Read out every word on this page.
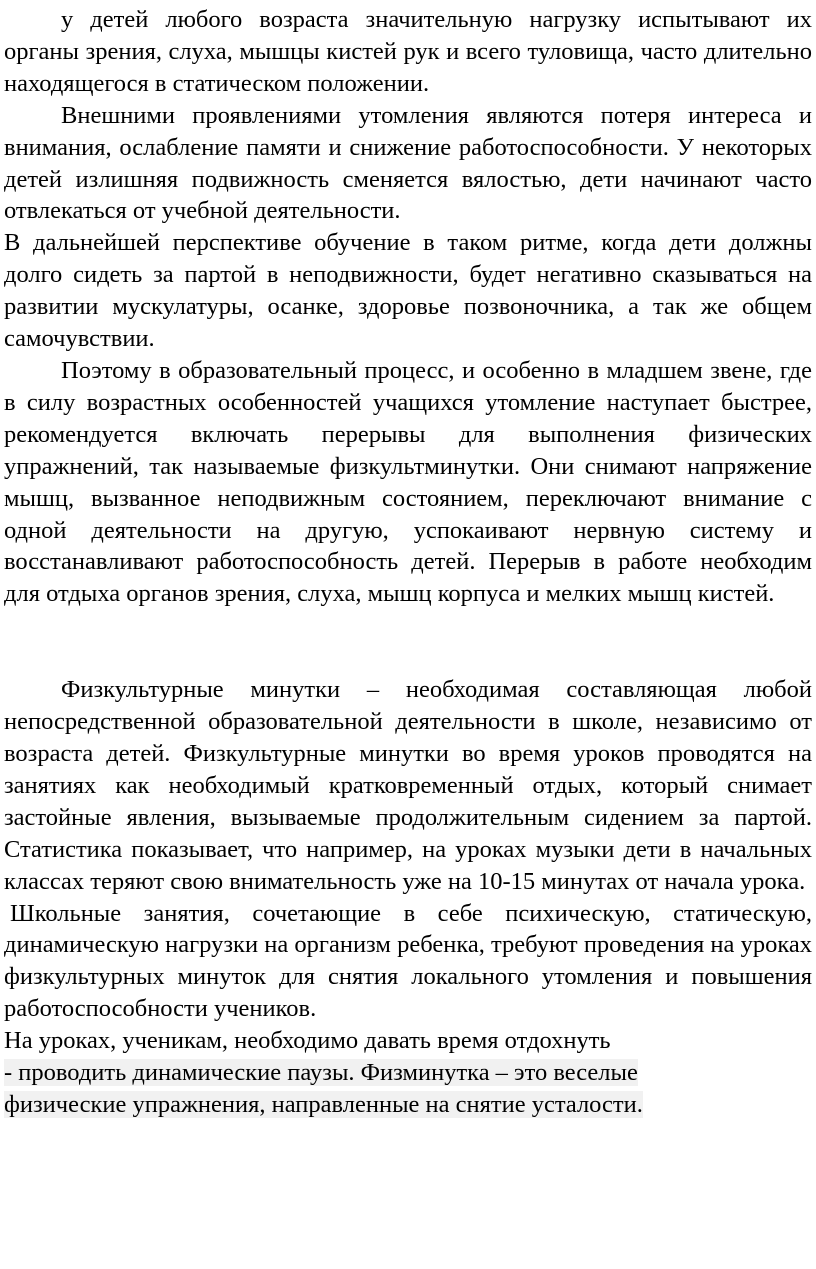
у детей любого возраста значительную нагрузку испытывают их органы зрения, слуха, мышцы кистей рук и всего туловища, часто длительно находящегося в статическом положении.

Внешними проявлениями утомления являются потеря интереса и внимания, ослабление памяти и снижение работоспособности. У некоторых детей излишняя подвижность сменяется вялостью, дети начинают часто отвлекаться от учебной деятельности.

В дальнейшей перспективе обучение в таком ритме, когда дети должны долго сидеть за партой в неподвижности, будет негативно сказываться на развитии мускулатуры, осанке, здоровье позвоночника, а так же общем самочувствии.

Поэтому в образовательный процесс, и особенно в младшем звене, где в силу возрастных особенностей учащихся утомление наступает быстрее, рекомендуется включать перерывы для выполнения физических упражнений, так называемые физкультминутки. Они снимают напряжение мышц, вызванное неподвижным состоянием, переключают внимание с одной деятельности на другую, успокаивают нервную систему и восстанавливают работоспособность детей. Перерыв в работе необходим для отдыха органов зрения, слуха, мышц корпуса и мелких мышц кистей.

Физкультурные минутки – необходимая составляющая любой непосредственной образовательной деятельности в школе, независимо от возраста детей. Физкультурные минутки во время уроков проводятся на занятиях как необходимый кратковременный отдых, который снимает застойные явления, вызываемые продолжительным сидением за партой. Статистика показывает, что например, на уроках музыки дети в начальных классах теряют свою внимательность уже на 10-15 минутах от начала урока.

Школьные занятия, сочетающие в себе психическую, статическую, динамическую нагрузки на организм ребенка, требуют проведения на уроках физкультурных минуток для снятия локального утомления и повышения работоспособности учеников.

На уроках, ученикам, необходимо давать время отдохнуть
- проводить динамические паузы. Физминутка – это веселые
физические упражнения, направленные на снятие усталости.
